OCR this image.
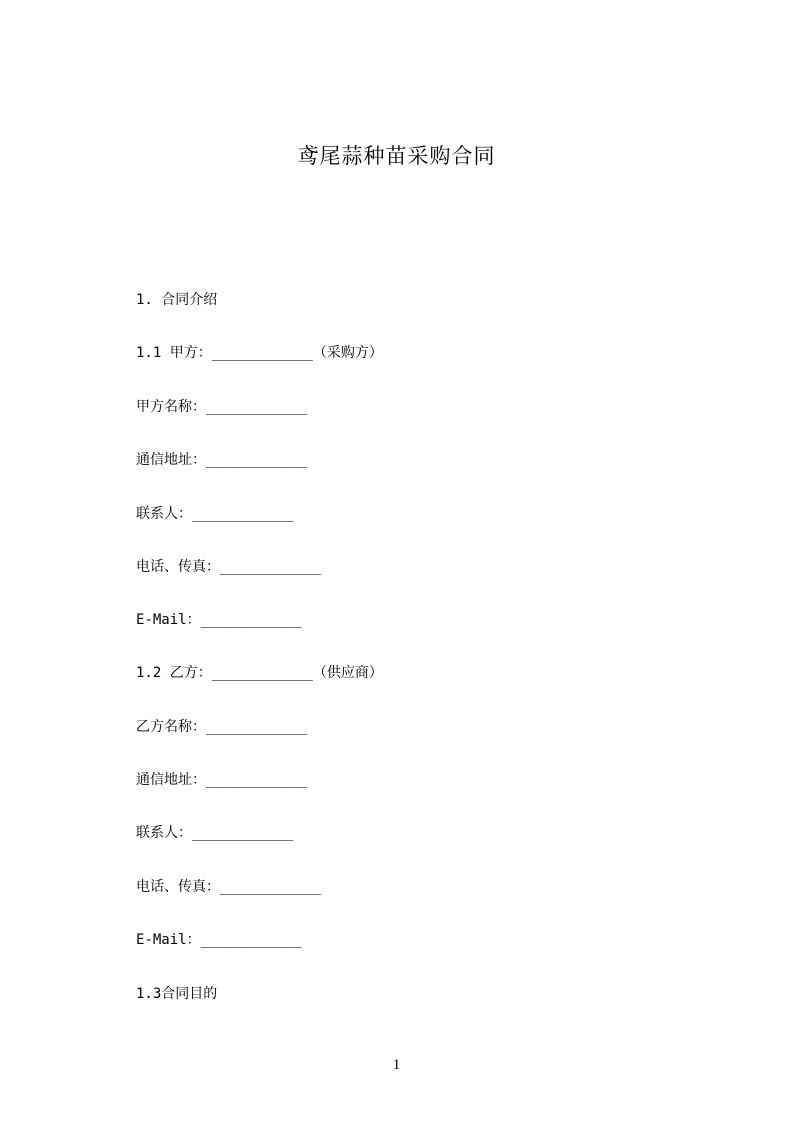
鸢尾蒜种苗采购合同
1. 合同介绍
1.1 甲方：____________（采购方）
甲方名称：____________
通信地址：____________
联系人：____________
电话、传真：____________
E-Mail：____________
1.2 乙方：____________（供应商）
乙方名称：____________
通信地址：____________
联系人：____________
电话、传真：____________
E-Mail：____________
1.3合同目的
1
